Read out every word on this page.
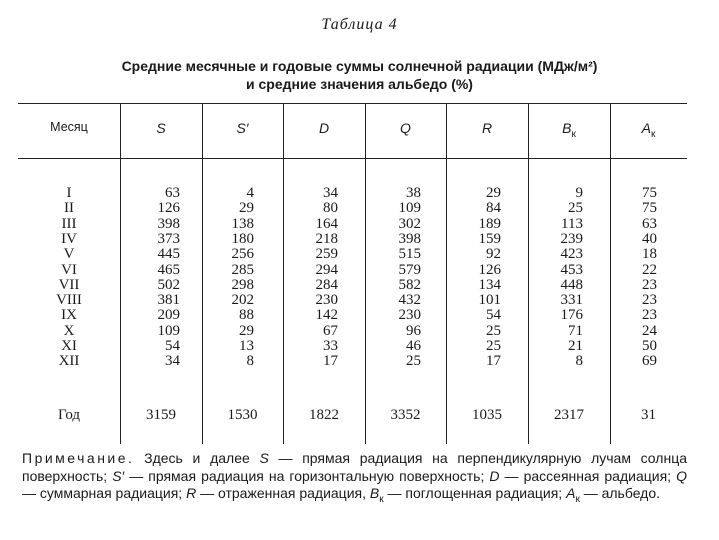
Таблица 4
Средние месячные и годовые суммы солнечной радиации (МДж/м²)
и средние значения альбедо (%)
Месяц	S	S′	D	Q	R	$B_к$	$A_к$
I	63	4	34	38	29	9	75
II	126	29	80	109	84	25	75
III	398	138	164	302	189	113	63
IV	373	180	218	398	159	239	40
V	445	256	259	515	92	423	18
VI	465	285	294	579	126	453	22
VII	502	298	284	582	134	448	23
VIII	381	202	230	432	101	331	23
IX	209	88	142	230	54	176	23
X	109	29	67	96	25	71	24
XI	54	13	33	46	25	21	50
XII	34	8	17	25	17	8	69
Год	3159	1530	1822	3352	1035	2317	31
Примечание. Здесь и далее S — прямая радиация на перпендикулярную лучам солнца поверхность; S′ — прямая радиация на горизонтальную поверхность; D — рассеянная радиация; Q — суммарная радиация; R — отраженная радиация, $B_к$ — поглощенная радиация; $A_к$ — альбедо.
